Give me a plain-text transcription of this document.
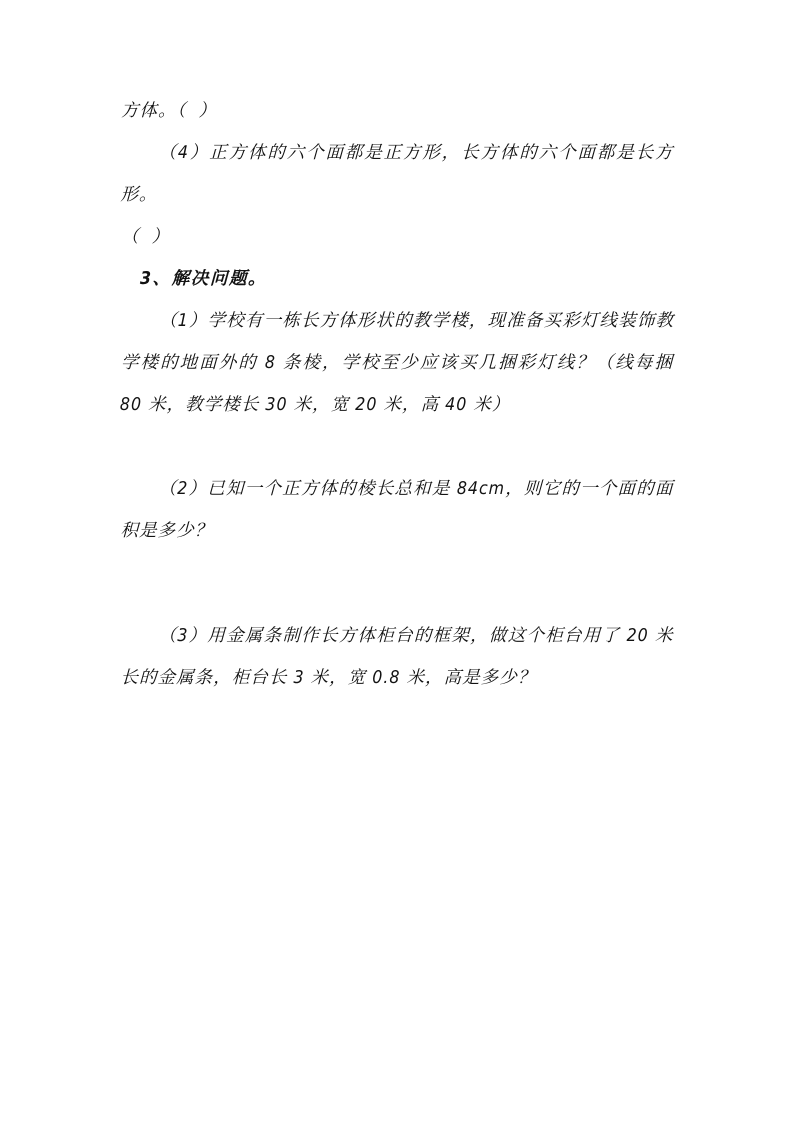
方体。（  ）
（4）正方体的六个面都是正方形，长方体的六个面都是长方形。
（  ）
3、解决问题。
（1）学校有一栋长方体形状的教学楼，现准备买彩灯线装饰教学楼的地面外的 8 条棱，学校至少应该买几捆彩灯线？（线每捆 80 米，教学楼长 30 米，宽 20 米，高 40 米）
（2）已知一个正方体的棱长总和是 84cm，则它的一个面的面积是多少？
（3）用金属条制作长方体柜台的框架，做这个柜台用了 20 米长的金属条，柜台长 3 米，宽 0.8 米，高是多少？
